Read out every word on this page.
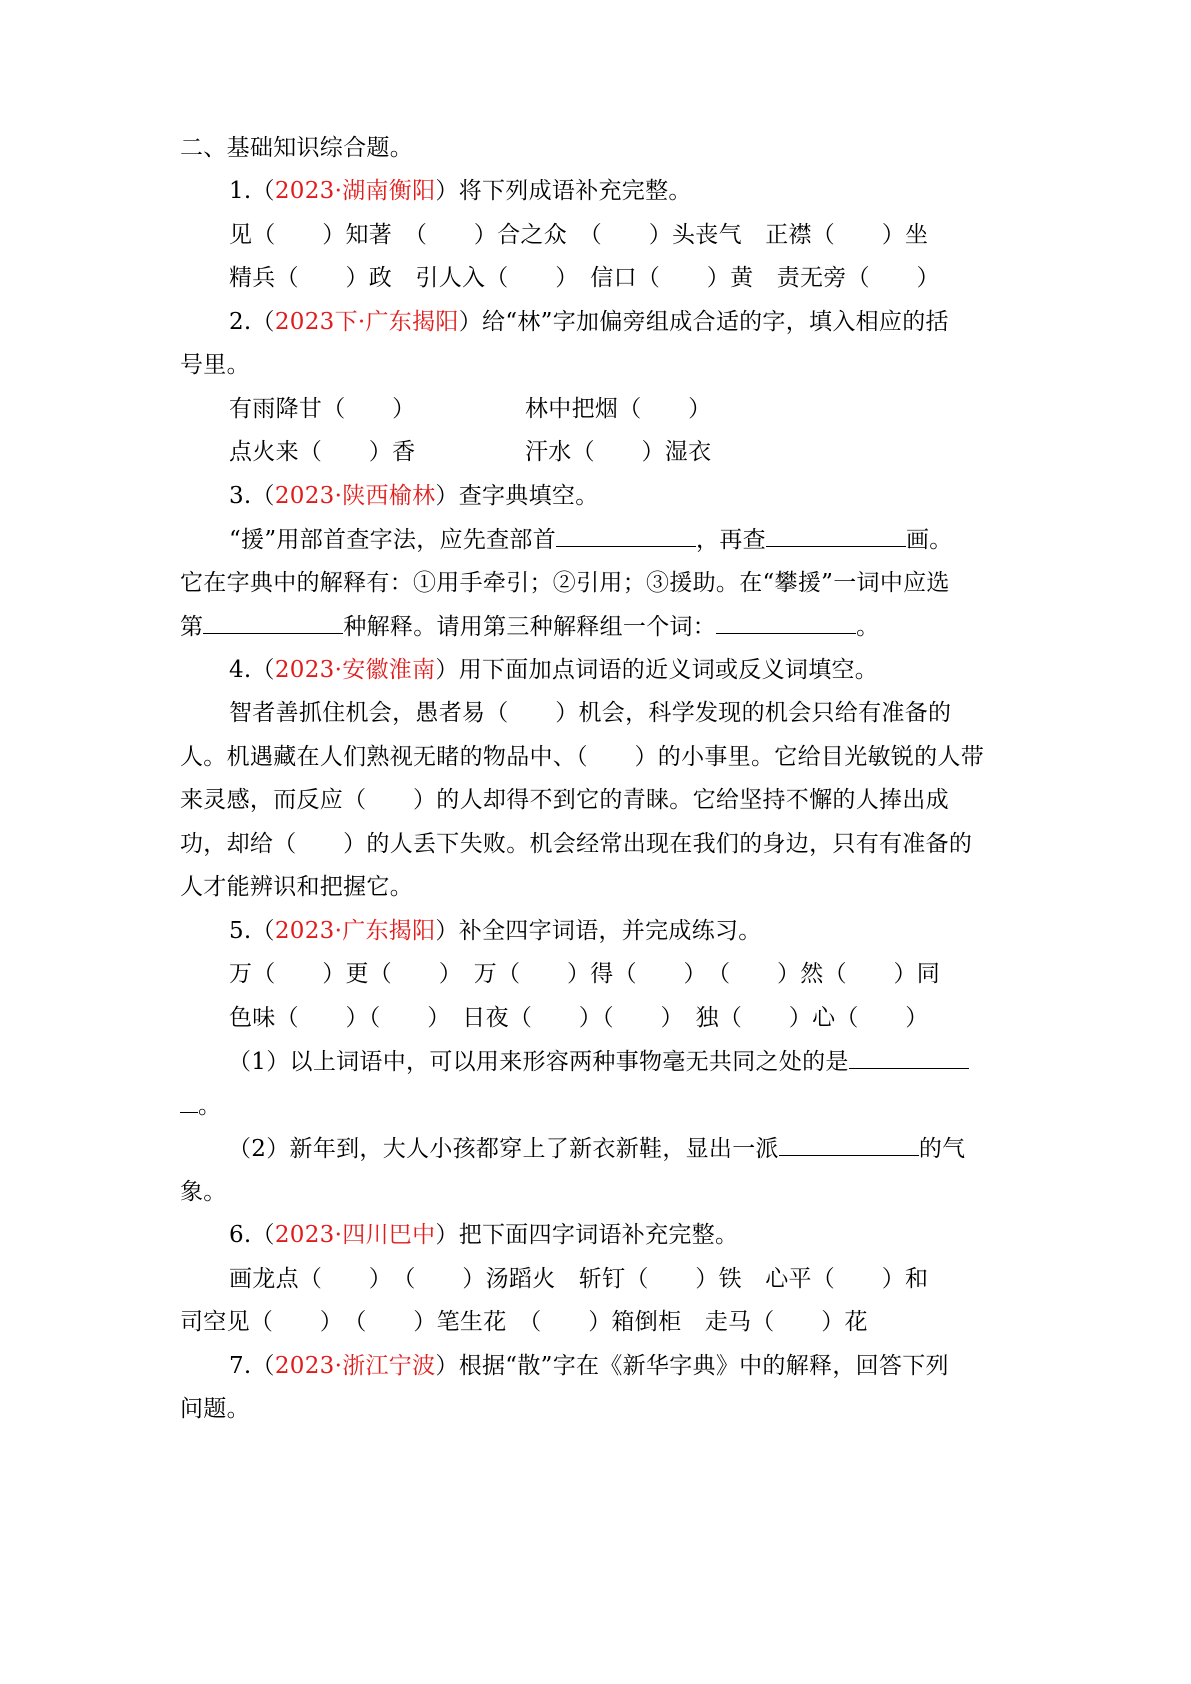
二、基础知识综合题。
1.（2023·湖南衡阳）将下列成语补充完整。
见（　　）知著　（　　）合之众　（　　）头丧气　正襟（　　）坐
精兵（　　）政　引人入（　　）　信口（　　）黄　责无旁（　　）
2.（2023下·广东揭阳）给“林”字加偏旁组成合适的字，填入相应的括
号里。
有雨降甘（　　）	林中把烟（　　）
点火来（　　）香	汗水（　　）湿衣
3.（2023·陕西榆林）查字典填空。
“援”用部首查字法，应先查部首	，再查	画。
它在字典中的解释有：①用手牵引；②引用；③援助。在“攀援”一词中应选
第	种解释。请用第三种解释组一个词：	。
4.（2023·安徽淮南）用下面加点词语的近义词或反义词填空。
智者善抓住机会，愚者易（　　）机会，科学发现的机会只给有准备的
人。机遇藏在人们熟视无睹的物品中、（　　）的小事里。它给目光敏锐的人带
来灵感，而反应（　　）的人却得不到它的青睐。它给坚持不懈的人捧出成
功，却给（　　）的人丢下失败。机会经常出现在我们的身边，只有有准备的
人才能辨识和把握它。
5.（2023·广东揭阳）补全四字词语，并完成练习。
万（　　）更（　　）　万（　　）得（　　）　（　　）然（　　）同
色味（　　）（　　）　日夜（　　）（　　）　独（　　）心（　　）
（1）以上词语中，可以用来形容两种事物毫无共同之处的是
。
（2）新年到，大人小孩都穿上了新衣新鞋，显出一派	的气
象。
6.（2023·四川巴中）把下面四字词语补充完整。
画龙点（　　）　（　　）汤蹈火　斩钉（　　）铁　心平（　　）和
司空见（　　）　（　　）笔生花　（　　）箱倒柜　走马（　　）花
7.（2023·浙江宁波）根据“散”字在《新华字典》中的解释，回答下列
问题。
